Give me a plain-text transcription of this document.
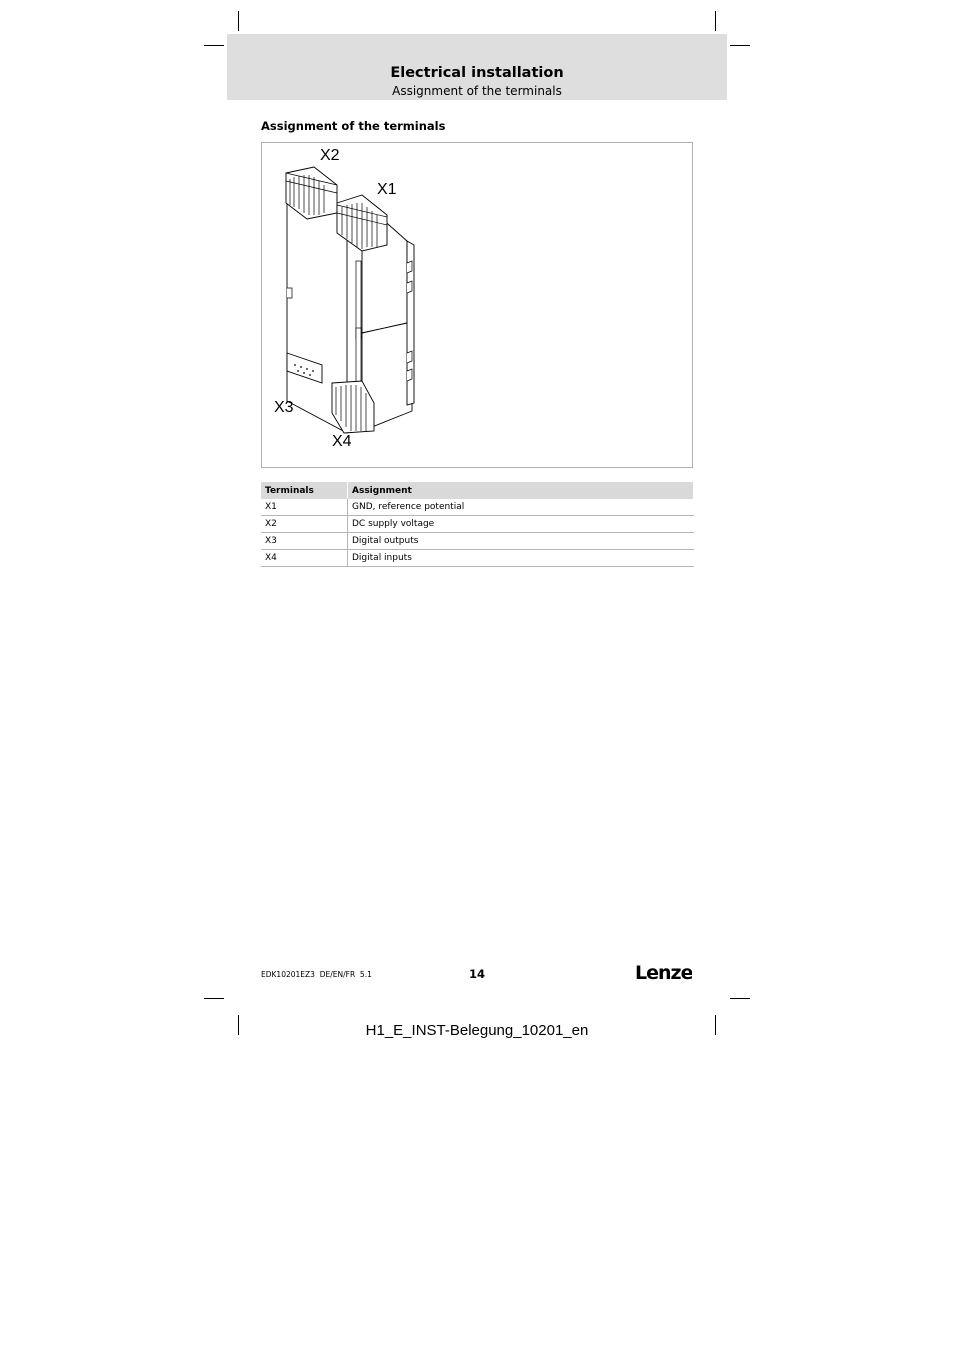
Electrical installation
Assignment of the terminals
Assignment of the terminals
X2
X1
X3
X4
Terminals	Assignment
X1	GND, reference potential
X2	DC supply voltage
X3	Digital outputs
X4	Digital inputs
EDK10201EZ3  DE/EN/FR  5.1	14	Lenze
H1_E_INST-Belegung_10201_en
